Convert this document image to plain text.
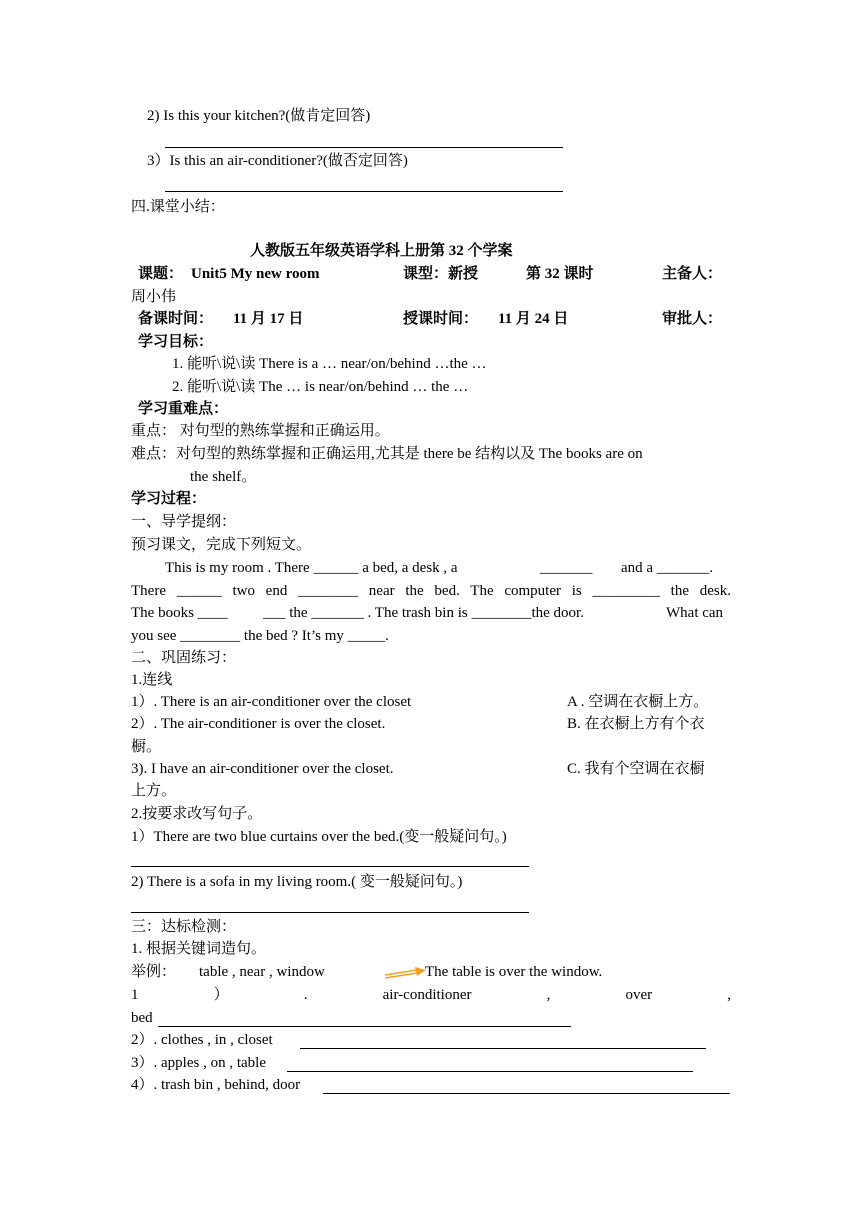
2) Is this your kitchen?(做肯定回答)
3）Is this an air-conditioner?(做否定回答)
四.课堂小结：
人教版五年级英语学科上册第 32 个学案
课题： Unit5 My new room	课型：新授	第 32 课时	主备人：
周小伟
备课时间： 11 月 17 日	授课时间： 11 月 24 日	审批人：
学习目标：
1. 能听\说\读 There is a … near/on/behind …the …
2. 能听\说\读 The … is near/on/behind … the …
学习重难点：
重点： 对句型的熟练掌握和正确运用。
难点：对句型的熟练掌握和正确运用,尤其是 there be 结构以及 The books are on
the shelf。
学习过程：
一、导学提纲：
预习课文，完成下列短文。
This is my room . There ______ a bed, a desk , a	_______ and a _______.
There ______ two end ________ near the bed. The computer is _________ the desk.
The books ____ ___ the _______ . The trash bin is ________the door.	What can
you see ________ the bed ? It’s my _____.
二、巩固练习：
1.连线
1）. There is an air-conditioner over the closet	A . 空调在衣橱上方。
2）. The air-conditioner is over the closet.	B. 在衣橱上方有个衣
橱。
3). I have an air-conditioner over the closet.	C. 我有个空调在衣橱
上方。
2.按要求改写句子。
1）There are two blue curtains over the bed.(变一般疑问句。)
2) There is a sofa in my living room.( 变一般疑问句。)
三：达标检测：
1. 根据关键词造句。
举例： table , near , window	The table is over the window.
1	）	.	air-conditioner	,	over	,
bed
2）. clothes , in , closet
3）. apples , on , table
4）. trash bin , behind, door
